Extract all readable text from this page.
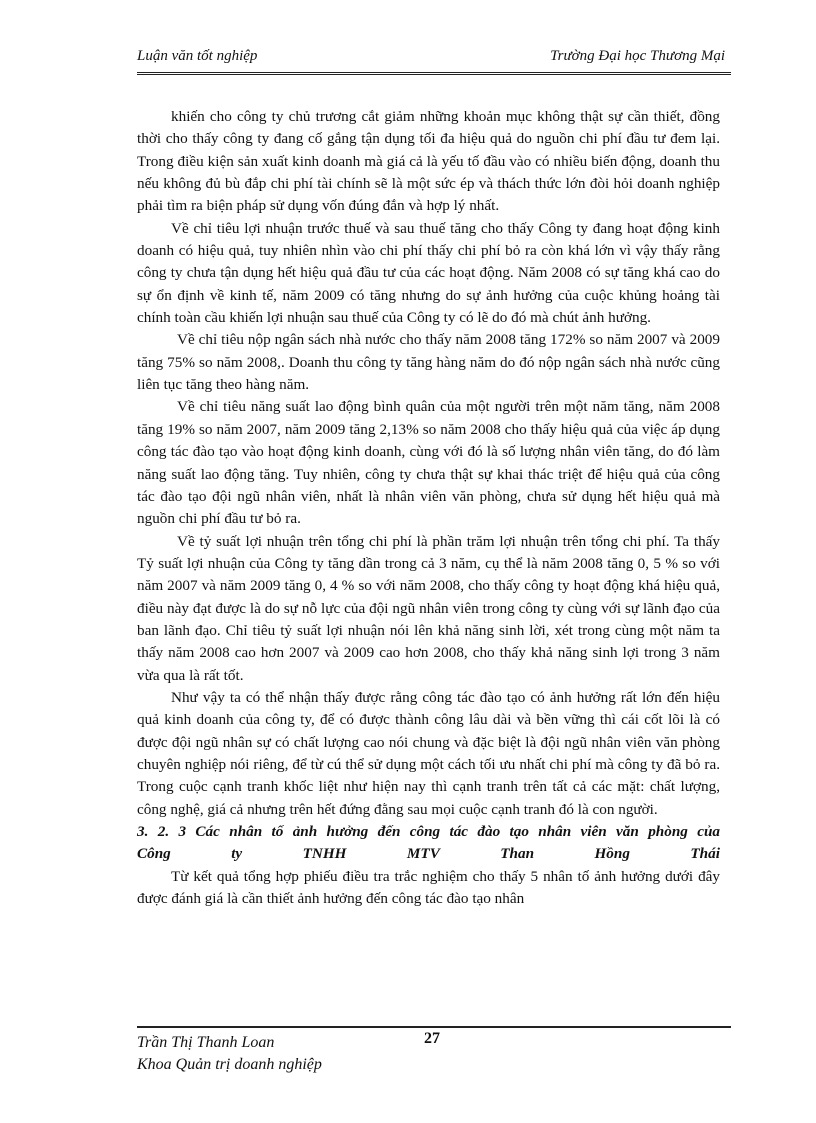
Luận văn tốt nghiệp	Trường Đại học Thương Mại

khiến cho công ty chủ trương cắt giảm những khoản mục không thật sự cần thiết, đồng thời cho thấy công ty đang cố gắng tận dụng tối đa hiệu quả do nguồn chi phí đầu tư đem lại. Trong điều kiện sản xuất kinh doanh mà giá cả là yếu tố đầu vào có nhiều biến động, doanh thu nếu không đủ bù đắp chi phí tài chính sẽ là một sức ép và thách thức lớn đòi hỏi doanh nghiệp phải tìm ra biện pháp sử dụng vốn đúng đắn và hợp lý nhất.

Về chỉ tiêu lợi nhuận trước thuế và sau thuế tăng cho thấy Công ty đang hoạt động kinh doanh có hiệu quả, tuy nhiên nhìn vào chi phí thấy chi phí bỏ ra còn khá lớn vì vậy thấy rằng công ty chưa tận dụng hết hiệu quả đầu tư của các hoạt động. Năm 2008 có sự tăng khá cao do sự ổn định về kinh tế, năm 2009 có tăng nhưng do sự ảnh hưởng của cuộc khủng hoảng tài chính toàn cầu khiến lợi nhuận sau thuế của Công ty có lẽ do đó mà chút ảnh hưởng.

Về chỉ tiêu nộp ngân sách nhà nước cho thấy năm 2008 tăng 172% so năm 2007 và 2009 tăng 75% so năm 2008,. Doanh thu công ty tăng hàng năm do đó nộp ngân sách nhà nước cũng liên tục tăng theo hàng năm.

Về chỉ tiêu năng suất lao động bình quân của một người trên một năm tăng, năm 2008 tăng 19% so năm 2007, năm 2009 tăng 2,13% so năm 2008 cho thấy hiệu quả của việc áp dụng công tác đào tạo vào hoạt động kinh doanh, cùng với đó là số lượng nhân viên tăng, do đó làm năng suất lao động tăng. Tuy nhiên, công ty chưa thật sự khai thác triệt để hiệu quả của công tác đào tạo đội ngũ nhân viên, nhất là nhân viên văn phòng, chưa sử dụng hết hiệu quả mà nguồn chi phí đầu tư bỏ ra.

Về tỷ suất lợi nhuận trên tổng chi phí là phần trăm lợi nhuận trên tổng chi phí. Ta thấy Tỷ suất lợi nhuận của Công ty tăng dần trong cả 3 năm, cụ thể là năm 2008 tăng 0, 5 % so với năm 2007 và năm 2009 tăng 0, 4 % so với năm 2008, cho thấy công ty hoạt động khá hiệu quả, điều này đạt được là do sự nỗ lực của đội ngũ nhân viên trong công ty cùng với sự lãnh đạo của ban lãnh đạo. Chỉ tiêu tỷ suất lợi nhuận nói lên khả năng sinh lời, xét trong cùng một năm ta thấy năm 2008 cao hơn 2007 và 2009 cao hơn 2008, cho thấy khả năng sinh lợi trong 3 năm vừa qua là rất tốt.

Như vậy ta có thể nhận thấy được rằng công tác đào tạo có ảnh hưởng rất lớn đến hiệu quả kinh doanh của công ty, để có được thành công lâu dài và bền vững thì cái cốt lõi là có được đội ngũ nhân sự có chất lượng cao nói chung và đặc biệt là đội ngũ nhân viên văn phòng chuyên nghiệp nói riêng, để từ cú thể sử dụng một cách tối ưu nhất chi phí mà công ty đã bỏ ra. Trong cuộc cạnh tranh khốc liệt như hiện nay thì cạnh tranh trên tất cả các mặt: chất lượng, công nghệ, giá cả nhưng trên hết đứng đằng sau mọi cuộc cạnh tranh đó là con người.

3. 2. 3 Các nhân tố ảnh hưởng đến công tác đào tạo nhân viên văn phòng của

Công	ty	TNHH	MTV	Than	Hồng	Thái

Từ kết quả tổng hợp phiếu điều tra trắc nghiệm cho thấy 5 nhân tố ảnh hưởng dưới đây được đánh giá là cần thiết ảnh hưởng đến công tác đào tạo nhân

27
Trần Thị Thanh Loan
Khoa Quản trị doanh nghiệp
